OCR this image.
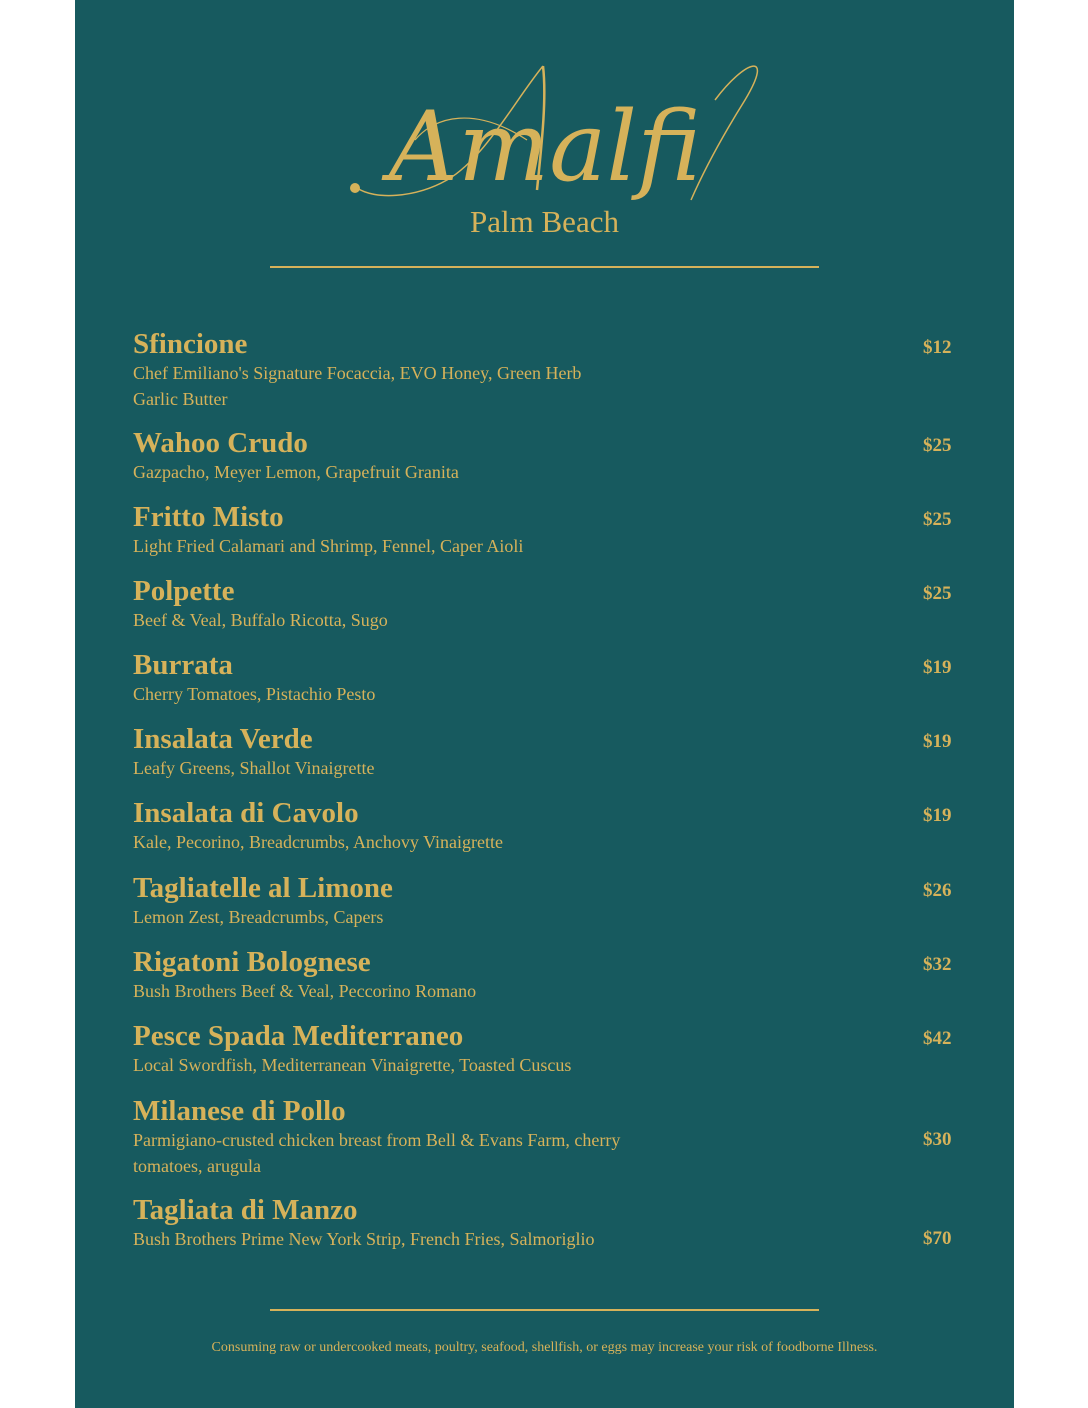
Amalfi
Palm Beach
Sfincione
Chef Emiliano's Signature Focaccia, EVO Honey, Green Herb Garlic Butter
$12
Wahoo Crudo
Gazpacho, Meyer Lemon, Grapefruit Granita
$25
Fritto Misto
Light Fried Calamari and Shrimp, Fennel, Caper Aioli
$25
Polpette
Beef & Veal, Buffalo Ricotta, Sugo
$25
Burrata
Cherry Tomatoes, Pistachio Pesto
$19
Insalata Verde
Leafy Greens, Shallot Vinaigrette
$19
Insalata di Cavolo
Kale, Pecorino, Breadcrumbs, Anchovy Vinaigrette
$19
Tagliatelle al Limone
Lemon Zest, Breadcrumbs, Capers
$26
Rigatoni Bolognese
Bush Brothers Beef & Veal, Peccorino Romano
$32
Pesce Spada Mediterraneo
Local Swordfish, Mediterranean Vinaigrette, Toasted Cuscus
$42
Milanese di Pollo
Parmigiano-crusted chicken breast from Bell & Evans Farm, cherry tomatoes, arugula
$30
Tagliata di Manzo
Bush Brothers Prime New York Strip, French Fries, Salmoriglio	$70
Consuming raw or undercooked meats, poultry, seafood, shellfish, or eggs may increase your risk of foodborne Illness.
